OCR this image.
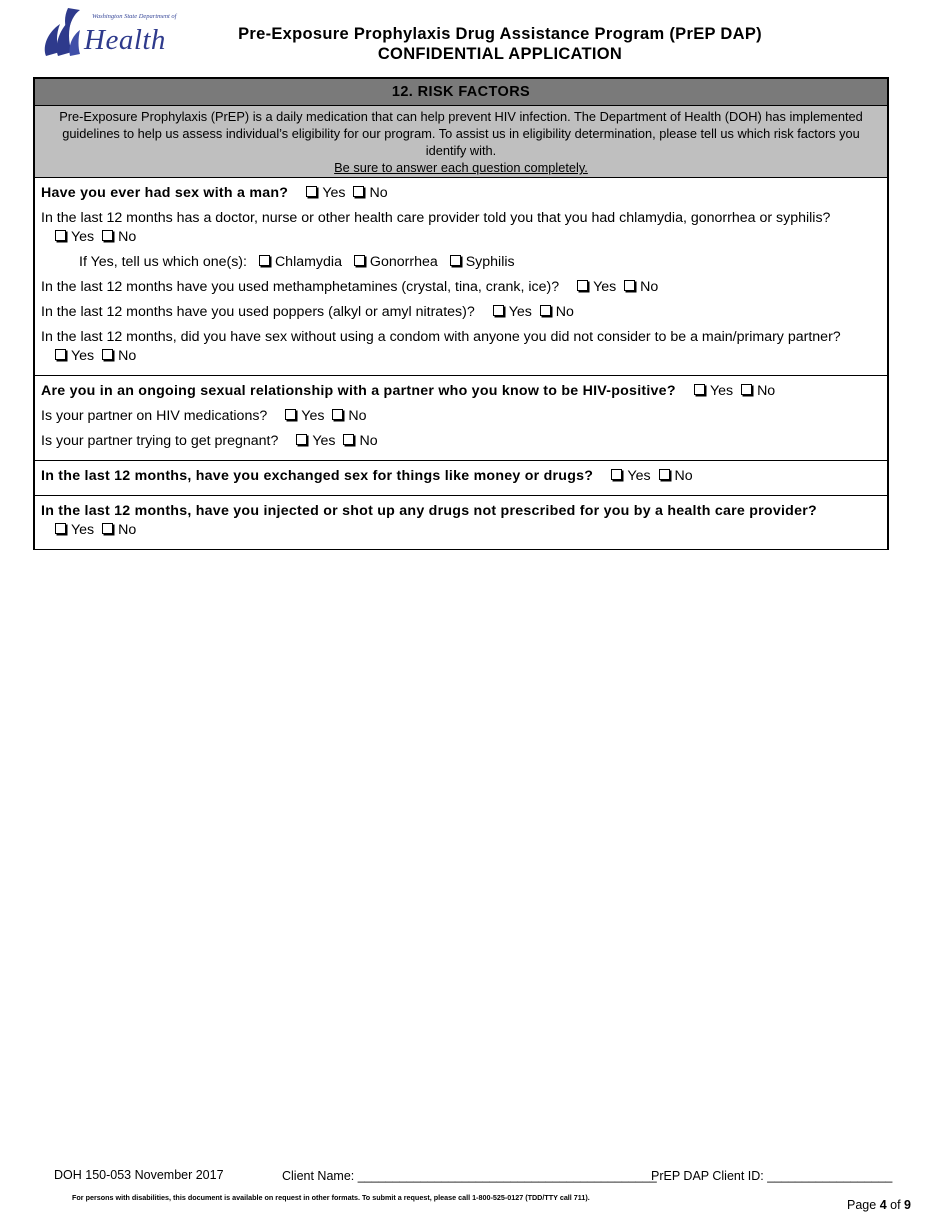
Washington State Department of
Health	Pre-Exposure Prophylaxis Drug Assistance Program (PrEP DAP)
CONFIDENTIAL APPLICATION
12. RISK FACTORS
Pre-Exposure Prophylaxis (PrEP) is a daily medication that can help prevent HIV infection. The Department of Health (DOH) has implemented guidelines to help us assess individual’s eligibility for our program. To assist us in eligibility determination, please tell us which risk factors you identify with.
Be sure to answer each question completely.
Have you ever had sex with a man? Yes No
In the last 12 months has a doctor, nurse or other health care provider told you that you had chlamydia, gonorrhea or syphilis? Yes No
If Yes, tell us which one(s): Chlamydia Gonorrhea Syphilis
In the last 12 months have you used methamphetamines (crystal, tina, crank, ice)? Yes No
In the last 12 months have you used poppers (alkyl or amyl nitrates)? Yes No
In the last 12 months, did you have sex without using a condom with anyone you did not consider to be a main/primary partner? Yes No
Are you in an ongoing sexual relationship with a partner who you know to be HIV-positive? Yes No
Is your partner on HIV medications? Yes No
Is your partner trying to get pregnant? Yes No
In the last 12 months, have you exchanged sex for things like money or drugs? Yes No
In the last 12 months, have you injected or shot up any drugs not prescribed for you by a health care provider? Yes No
DOH 150-053 November 2017	Client Name: ___________________________________________
PrEP DAP Client ID: __________________
For persons with disabilities, this document is available on request in other formats. To submit a request, please call 1-800-525-0127 (TDD/TTY call 711).
Page 4 of 9
